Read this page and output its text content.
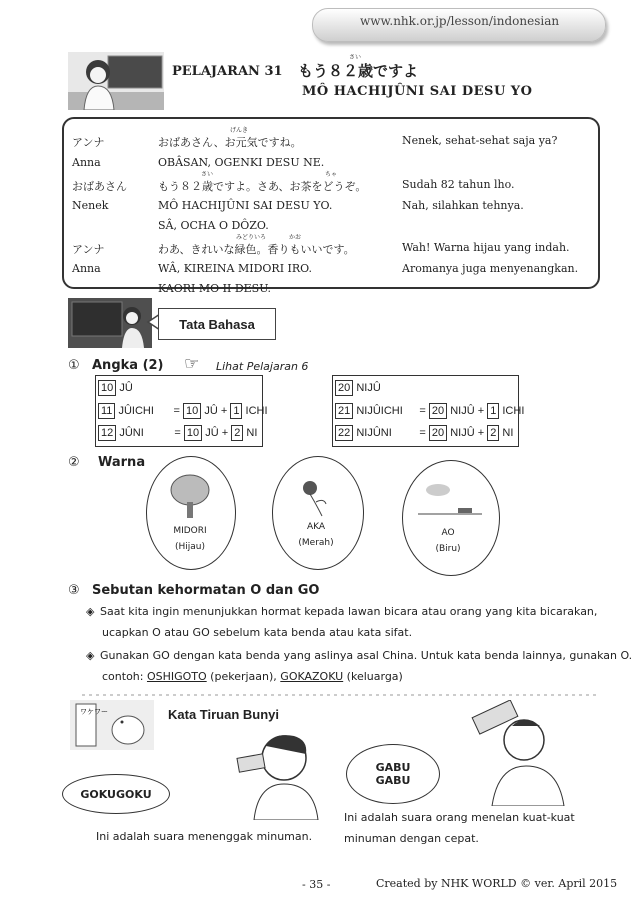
www.nhk.or.jp/lesson/indonesian
PELAJARAN 31 もう８２歳ですよ
さい
MÔ HACHIJÛNI SAI DESU YO
アンナ	おばあさん、お元気ですね。	Nenek, sehat-sehat saja ya?
げんき
Anna	OBÂSAN, OGENKI DESU NE.
おばあさん	もう８２歳ですよ。さあ、お茶をどうぞ。	Sudah 82 tahun lho.
さい	ちゃ
Nenek	MÔ HACHIJÛNI SAI DESU YO.	Nah, silahkan tehnya.
SÂ, OCHA O DÔZO.
アンナ	わあ、きれいな緑色。香りもいいです。	Wah! Warna hijau yang indah.
みどりいろ	かお
Anna	WÂ, KIREINA MIDORI IRO.	Aromanya juga menyenangkan.
KAORI MO II DESU.
Tata Bahasa
① Angka (2) ☞ Lihat Pelajaran 6
10 JÛ
11 JÛICHI = 10 JÛ + 1 ICHI
12 JÛNI	= 10 JÛ + 2 NI
20 NIJÛ
21 NIJÛICHI = 20 NIJÛ + 1 ICHI
22 NIJÛNI	= 20 NIJÛ + 2 NI
② Warna
MIDORI
(Hijau)
AKA
(Merah)
AO
(Biru)
③ Sebutan kehormatan O dan GO
◈ Saat kita ingin menunjukkan hormat kepada lawan bicara atau orang yang kita bicarakan,
ucapkan O atau GO sebelum kata benda atau kata sifat.
◈ Gunakan GO dengan kata benda yang aslinya asal China. Untuk kata benda lainnya, gunakan O.
contoh: OSHIGOTO (pekerjaan), GOKAZOKU (keluarga)
ワケワー	Kata Tiruan Bunyi
GOKUGOKU
Ini adalah suara menenggak minuman.
GABU
GABU
Ini adalah suara orang menelan kuat-kuat
minuman dengan cepat.
- 35 -	Created by NHK WORLD © ver. April 2015
